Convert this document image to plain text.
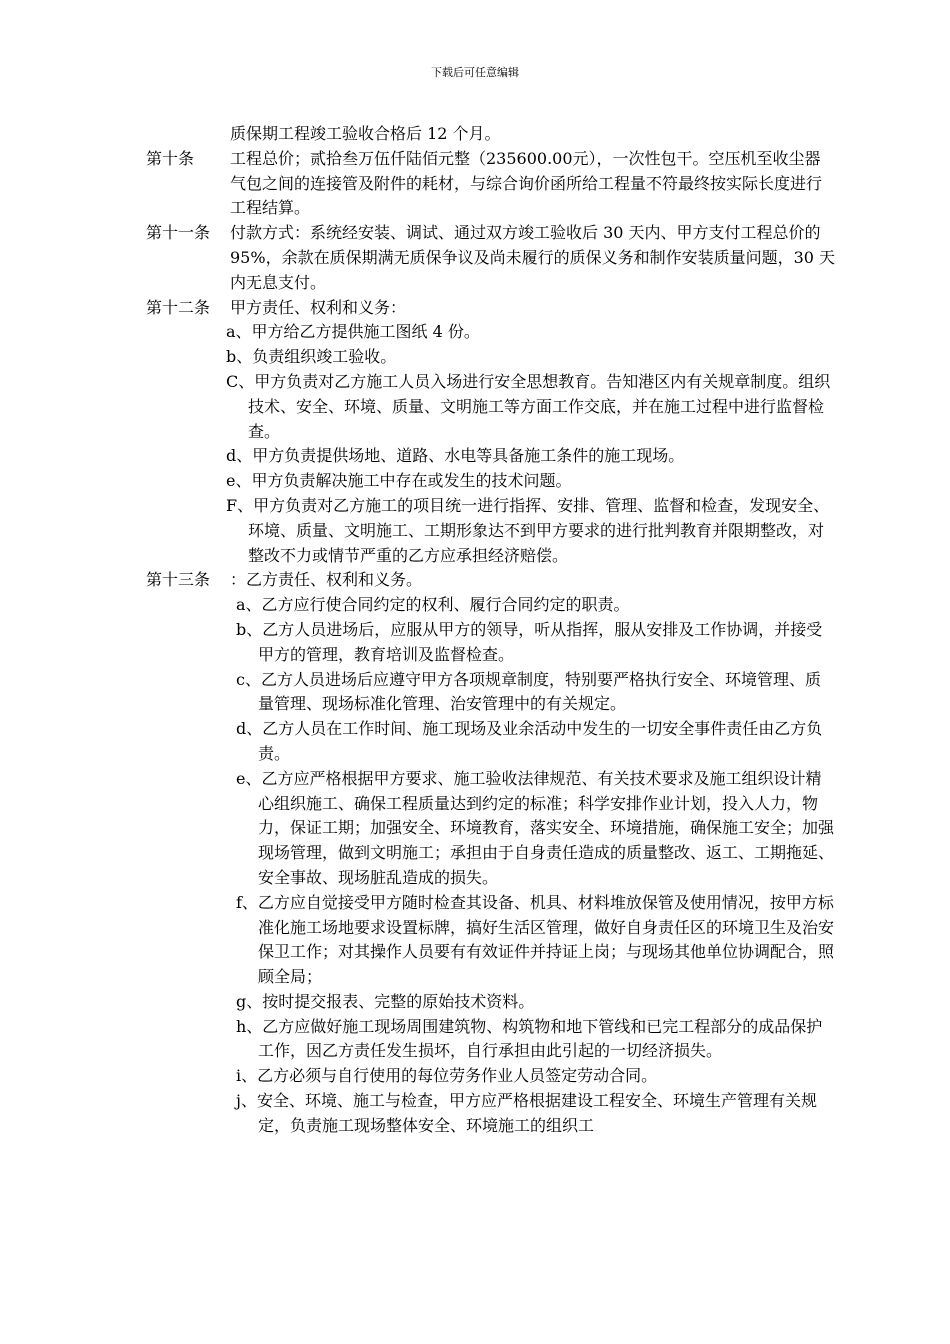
下载后可任意编辑
质保期工程竣工验收合格后 12 个月。
第十条	工程总价；贰拾叁万伍仟陆佰元整（235600.00元），一次性包干。空压机至收尘器气包之间的连接管及附件的耗材，与综合询价函所给工程量不符最终按实际长度进行工程结算。
第十一条	付款方式：系统经安装、调试、通过双方竣工验收后 30 天内、甲方支付工程总价的 95%，余款在质保期满无质保争议及尚未履行的质保义务和制作安装质量问题，30 天内无息支付。
第十二条	甲方责任、权利和义务：
a、甲方给乙方提供施工图纸 4 份。
b、负责组织竣工验收。
C、甲方负责对乙方施工人员入场进行安全思想教育。告知港区内有关规章制度。组织技术、安全、环境、质量、文明施工等方面工作交底，并在施工过程中进行监督检查。
d、甲方负责提供场地、道路、水电等具备施工条件的施工现场。
e、甲方负责解决施工中存在或发生的技术问题。
F、甲方负责对乙方施工的项目统一进行指挥、安排、管理、监督和检查，发现安全、环境、质量、文明施工、工期形象达不到甲方要求的进行批判教育并限期整改，对整改不力或情节严重的乙方应承担经济赔偿。
第十三条	：乙方责任、权利和义务。
a、乙方应行使合同约定的权利、履行合同约定的职责。
b、乙方人员进场后，应服从甲方的领导，听从指挥，服从安排及工作协调，并接受甲方的管理，教育培训及监督检查。
c、乙方人员进场后应遵守甲方各项规章制度，特别要严格执行安全、环境管理、质量管理、现场标准化管理、治安管理中的有关规定。
d、乙方人员在工作时间、施工现场及业余活动中发生的一切安全事件责任由乙方负责。
e、乙方应严格根据甲方要求、施工验收法律规范、有关技术要求及施工组织设计精心组织施工、确保工程质量达到约定的标准；科学安排作业计划，投入人力，物力，保证工期；加强安全、环境教育，落实安全、环境措施，确保施工安全；加强现场管理，做到文明施工；承担由于自身责任造成的质量整改、返工、工期拖延、安全事故、现场脏乱造成的损失。
f、乙方应自觉接受甲方随时检查其设备、机具、材料堆放保管及使用情况，按甲方标准化施工场地要求设置标牌，搞好生活区管理，做好自身责任区的环境卫生及治安保卫工作；对其操作人员要有有效证件并持证上岗；与现场其他单位协调配合，照顾全局；
g、按时提交报表、完整的原始技术资料。
h、乙方应做好施工现场周围建筑物、构筑物和地下管线和已完工程部分的成品保护工作，因乙方责任发生损坏，自行承担由此引起的一切经济损失。
i、乙方必须与自行使用的每位劳务作业人员签定劳动合同。
j、安全、环境、施工与检查，甲方应严格根据建设工程安全、环境生产管理有关规定，负责施工现场整体安全、环境施工的组织工
